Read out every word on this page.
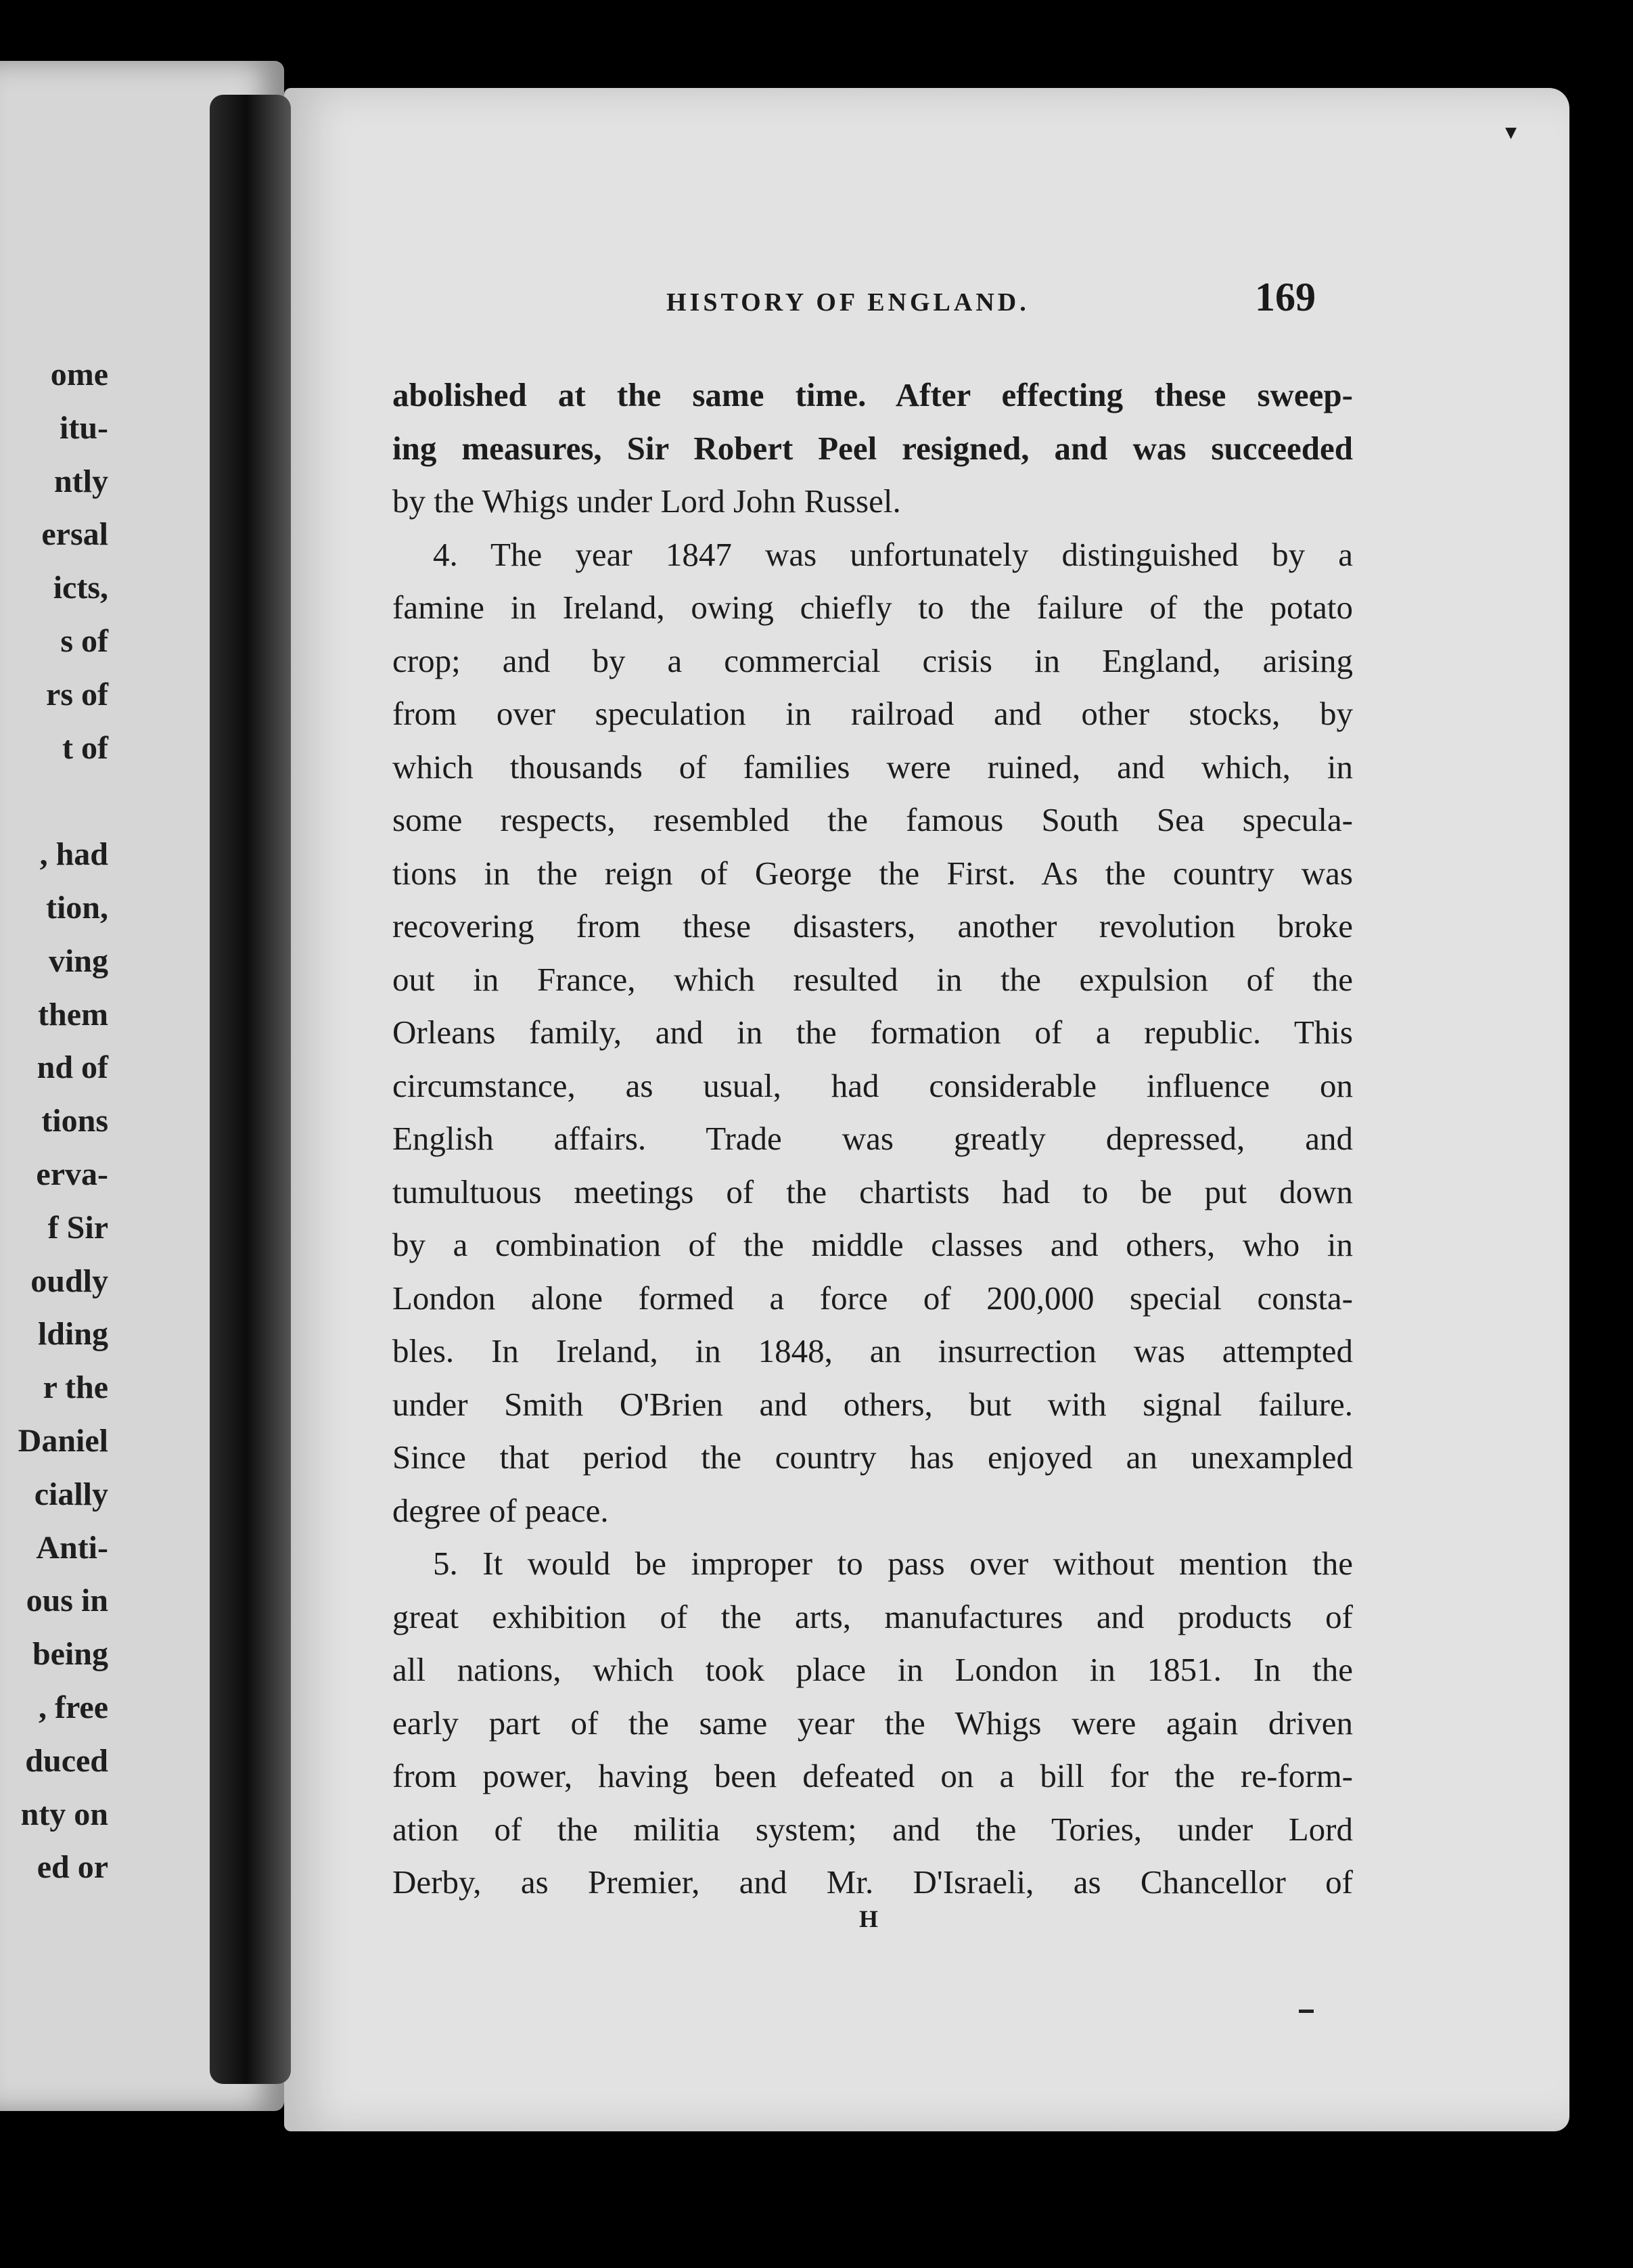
ome
itu-
ntly
ersal
icts,
s of
rs of
t of
, had
tion,
ving
them
nd of
tions
erva-
f Sir
oudly
lding
r the
Daniel
cially
Anti-
ous in
being
, free
duced
nty on
ed or
▾
HISTORY OF ENGLAND.	169
abolished at the same time. After effecting these sweep-
ing measures, Sir Robert Peel resigned, and was succeeded
by the Whigs under Lord John Russel.
4. The year 1847 was unfortunately distinguished by a
famine in Ireland, owing chiefly to the failure of the potato
crop; and by a commercial crisis in England, arising
from over speculation in railroad and other stocks, by
which thousands of families were ruined, and which, in
some respects, resembled the famous South Sea specula-
tions in the reign of George the First. As the country was
recovering from these disasters, another revolution broke
out in France, which resulted in the expulsion of the
Orleans family, and in the formation of a republic. This
circumstance, as usual, had considerable influence on
English affairs. Trade was greatly depressed, and
tumultuous meetings of the chartists had to be put down
by a combination of the middle classes and others, who in
London alone formed a force of 200,000 special consta-
bles. In Ireland, in 1848, an insurrection was attempted
under Smith O'Brien and others, but with signal failure.
Since that period the country has enjoyed an unexampled
degree of peace.
5. It would be improper to pass over without mention the
great exhibition of the arts, manufactures and products of
all nations, which took place in London in 1851. In the
early part of the same year the Whigs were again driven
from power, having been defeated on a bill for the re-form-
ation of the militia system; and the Tories, under Lord
Derby, as Premier, and Mr. D'Israeli, as Chancellor of
H
